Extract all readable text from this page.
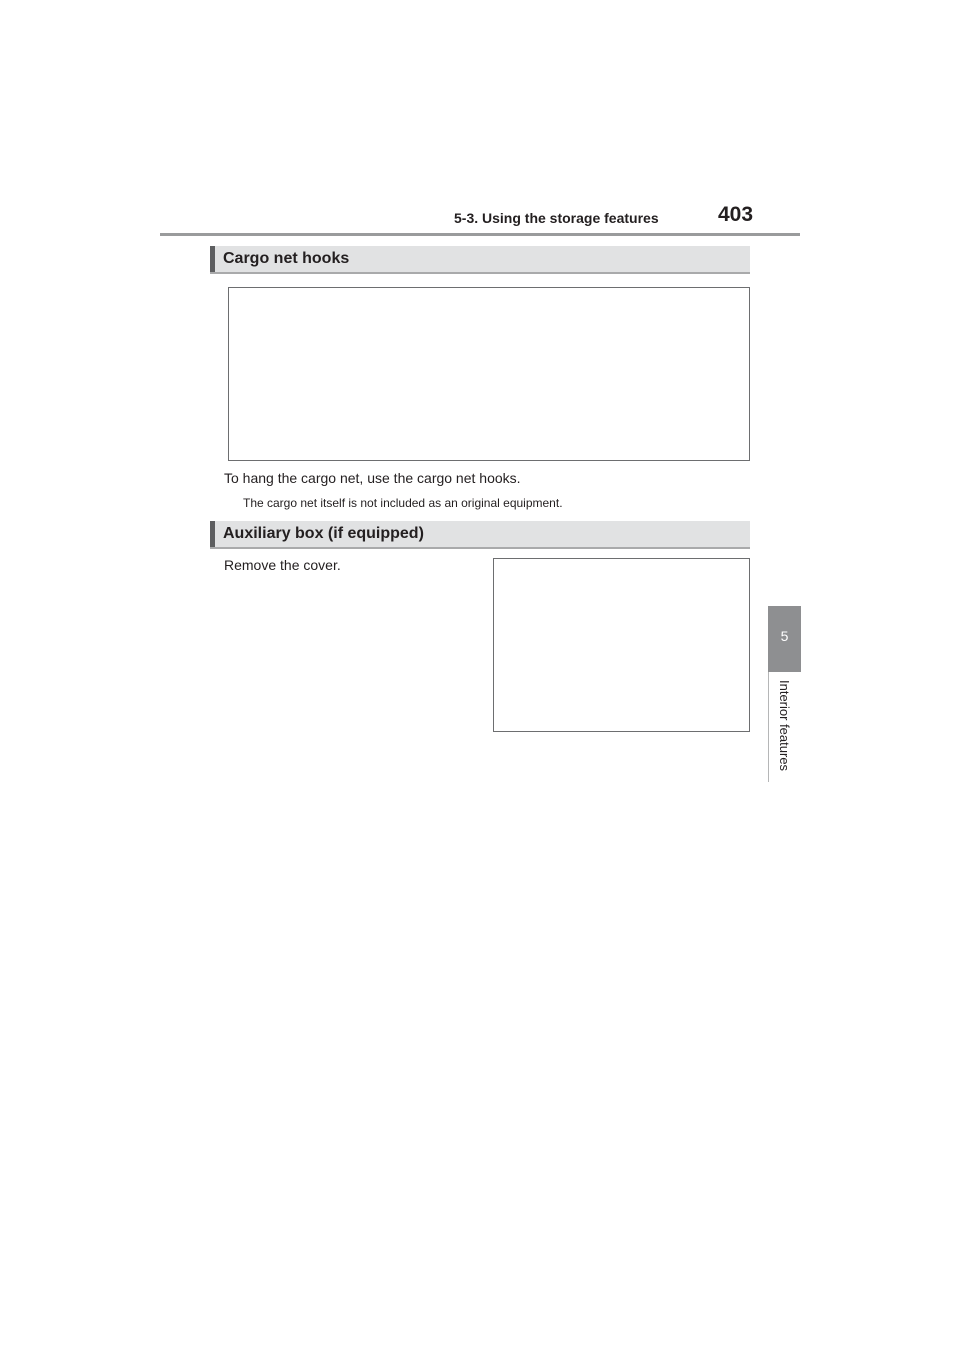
5-3. Using the storage features	403
5
Interior features
Cargo net hooks
To hang the cargo net, use the cargo net hooks.
The cargo net itself is not included as an original equipment.
Auxiliary box (if equipped)
Remove the cover.
